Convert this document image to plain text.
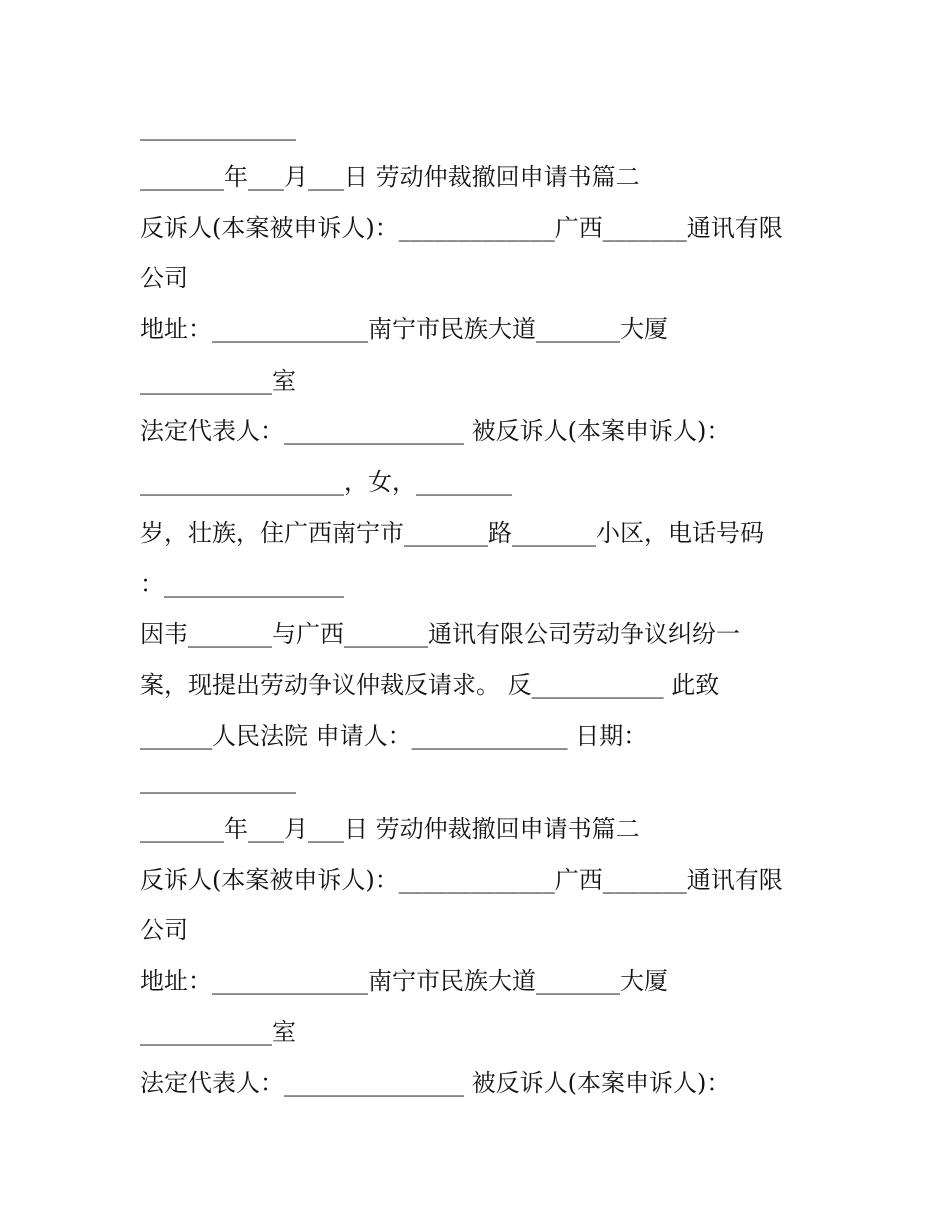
_____________
_______年___月___日 劳动仲裁撤回申请书篇二
反诉人(本案被申诉人)：_____________广西_______通讯有限
公司
地址：_____________南宁市民族大道_______大厦
___________室
法定代表人：_______________ 被反诉人(本案申诉人)：
_________________，女，________
岁，壮族，住广西南宁市_______路_______小区，电话号码
：_______________
因韦_______与广西_______通讯有限公司劳动争议纠纷一
案，现提出劳动争议仲裁反请求。 反___________ 此致
______人民法院 申请人：_____________ 日期：
_____________
_______年___月___日 劳动仲裁撤回申请书篇二
反诉人(本案被申诉人)：_____________广西_______通讯有限
公司
地址：_____________南宁市民族大道_______大厦
___________室
法定代表人：_______________ 被反诉人(本案申诉人)：
